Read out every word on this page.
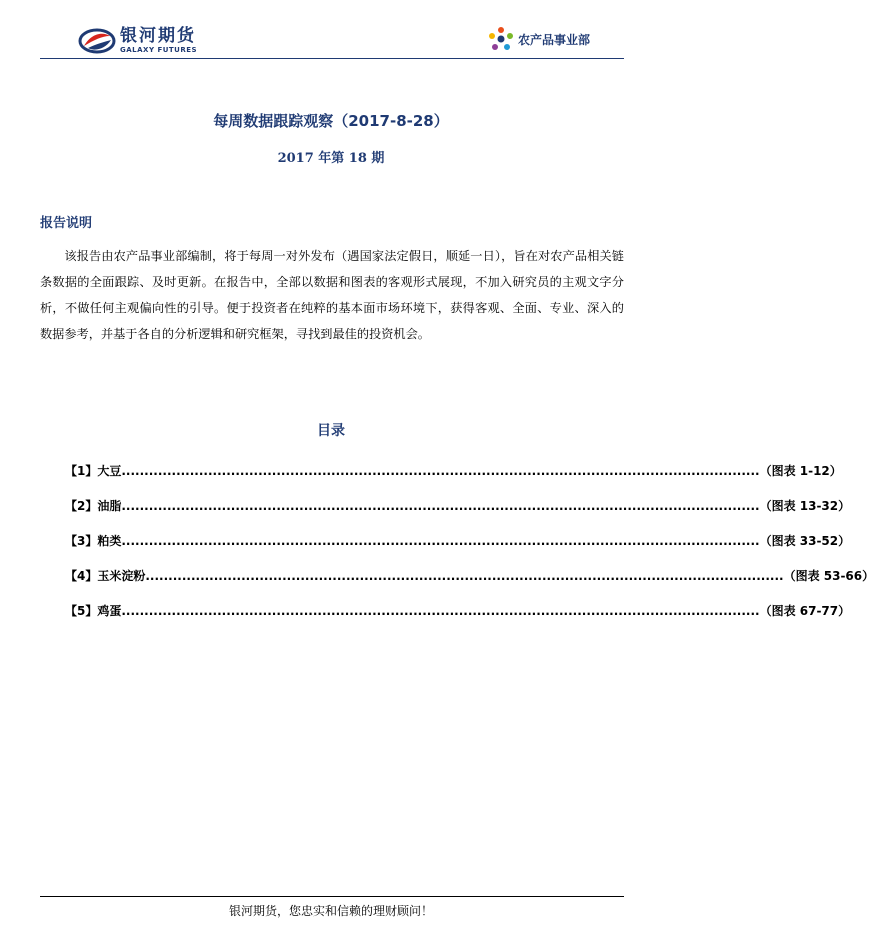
银河期货
GALAXY FUTURES
农产品事业部
每周数据跟踪观察（2017-8-28）
2017 年第 18 期
报告说明
该报告由农产品事业部编制，将于每周一对外发布（遇国家法定假日，顺延一日），旨在对农产品相关链条数据的全面跟踪、及时更新。在报告中，全部以数据和图表的客观形式展现，不加入研究员的主观文字分析，不做任何主观偏向性的引导。便于投资者在纯粹的基本面市场环境下，获得客观、全面、专业、深入的数据参考，并基于各自的分析逻辑和研究框架，寻找到最佳的投资机会。
目录
【1】大豆 ............................................................................................................................................ （图表 1-12）
【2】油脂 ............................................................................................................................................ （图表 13-32）
【3】粕类 ............................................................................................................................................ （图表 33-52）
【4】玉米淀粉 ............................................................................................................................................ （图表 53-66）
【5】鸡蛋 ............................................................................................................................................ （图表 67-77）
银河期货，您忠实和信赖的理财顾问！
